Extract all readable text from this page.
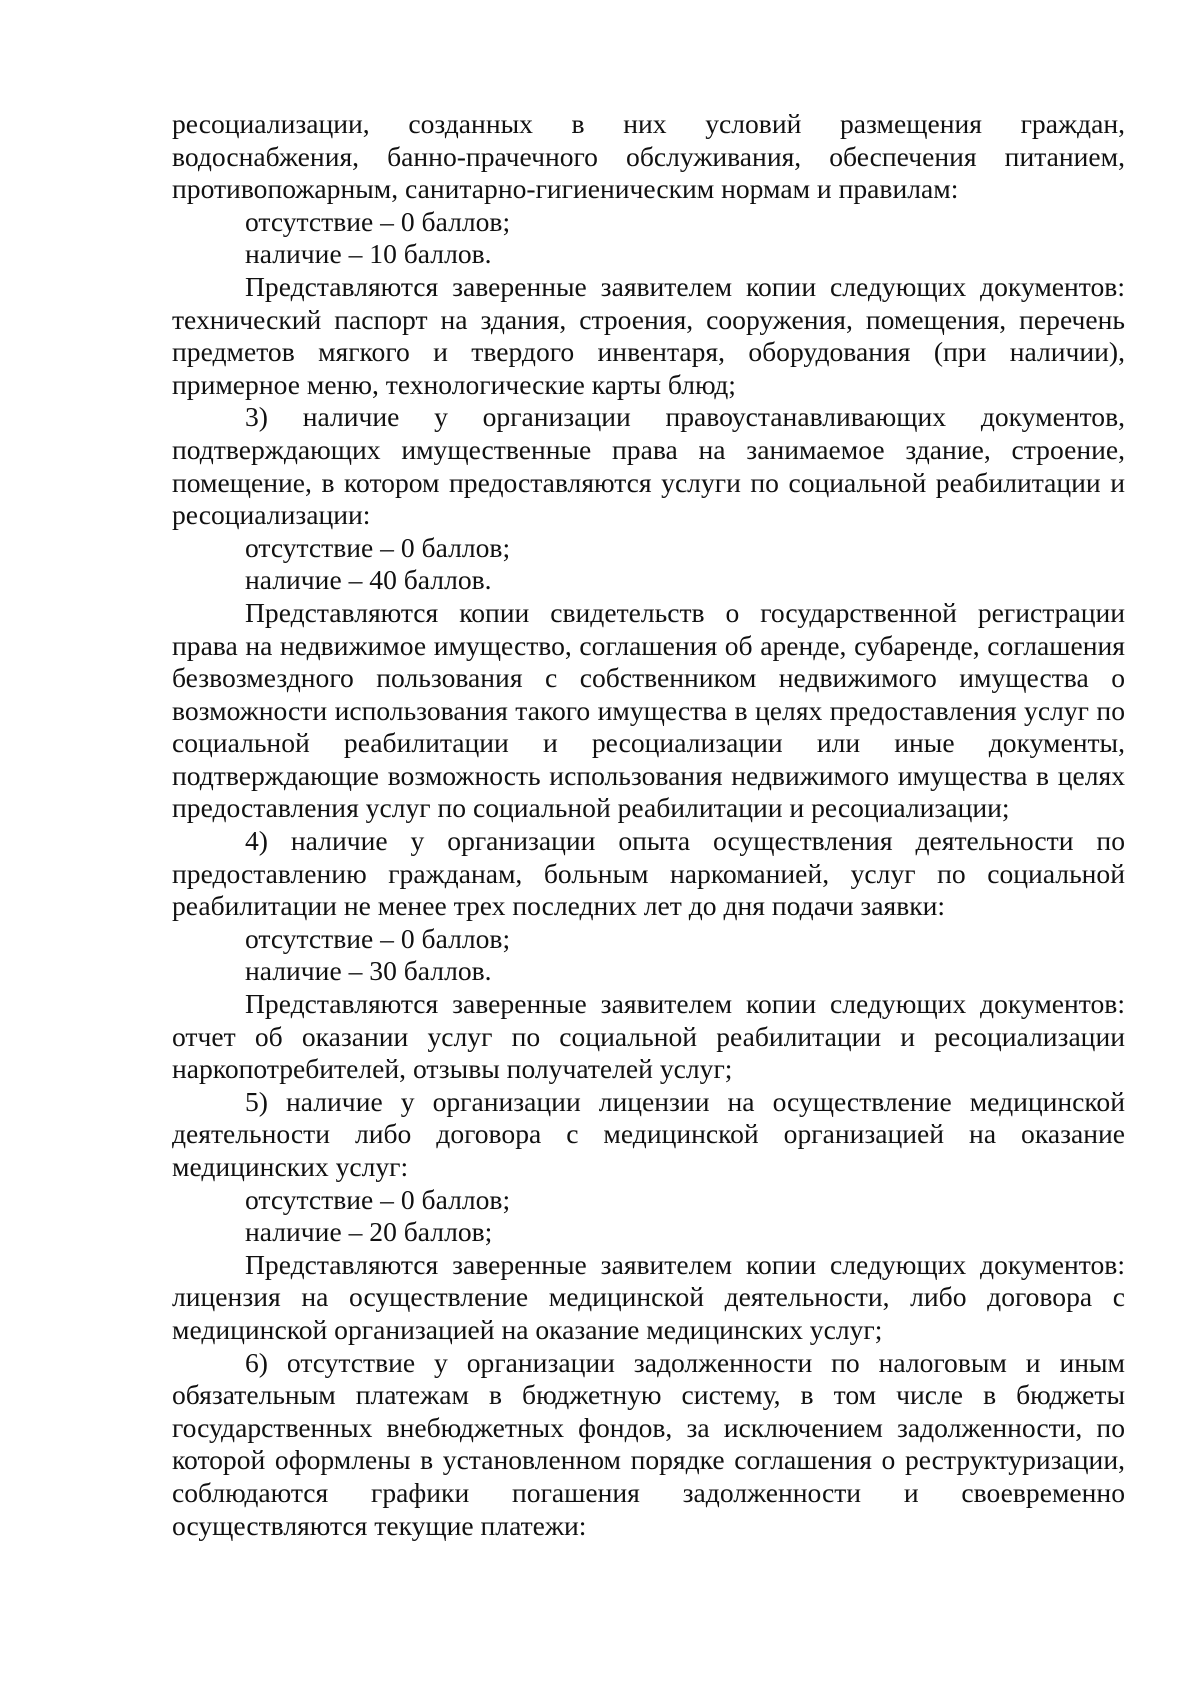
ресоциализации, созданных в них условий размещения граждан, водоснабжения, банно-прачечного обслуживания, обеспечения питанием, противопожарным, санитарно-гигиеническим нормам и правилам:

отсутствие – 0 баллов;

наличие – 10 баллов.

Представляются заверенные заявителем копии следующих документов: технический паспорт на здания, строения, сооружения, помещения, перечень предметов мягкого и твердого инвентаря, оборудования (при наличии), примерное меню, технологические карты блюд;

3) наличие у организации правоустанавливающих документов, подтверждающих имущественные права на занимаемое здание, строение, помещение, в котором предоставляются услуги по социальной реабилитации и ресоциализации:

отсутствие – 0 баллов;

наличие – 40 баллов.

Представляются копии свидетельств о государственной регистрации права на недвижимое имущество, соглашения об аренде, субаренде, соглашения безвозмездного пользования с собственником недвижимого имущества о возможности использования такого имущества в целях предоставления услуг по социальной реабилитации и ресоциализации или иные документы, подтверждающие возможность использования недвижимого имущества в целях предоставления услуг по социальной реабилитации и ресоциализации;

4) наличие у организации опыта осуществления деятельности по предоставлению гражданам, больным наркоманией, услуг по социальной реабилитации не менее трех последних лет до дня подачи заявки:

отсутствие – 0 баллов;

наличие – 30 баллов.

Представляются заверенные заявителем копии следующих документов: отчет об оказании услуг по социальной реабилитации и ресоциализации наркопотребителей, отзывы получателей услуг;

5) наличие у организации лицензии на осуществление медицинской деятельности либо договора с медицинской организацией на оказание медицинских услуг:

отсутствие – 0 баллов;

наличие – 20 баллов;

Представляются заверенные заявителем копии следующих документов: лицензия на осуществление медицинской деятельности, либо договора с медицинской организацией на оказание медицинских услуг;

6) отсутствие у организации задолженности по налоговым и иным обязательным платежам в бюджетную систему, в том числе в бюджеты государственных внебюджетных фондов, за исключением задолженности, по которой оформлены в установленном порядке соглашения о реструктуризации, соблюдаются графики погашения задолженности и своевременно осуществляются текущие платежи:
